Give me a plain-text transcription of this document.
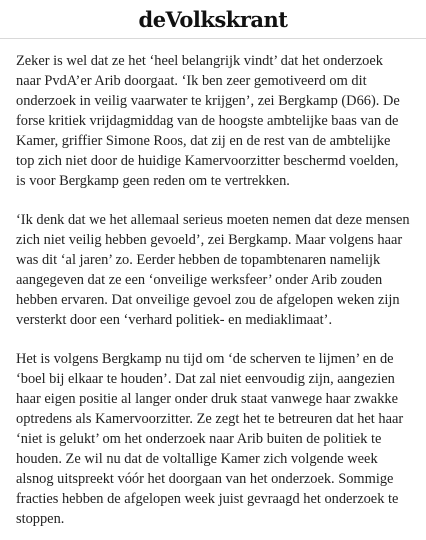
deVolkskrant

Zeker is wel dat ze het ‘heel belangrijk vindt’ dat het onderzoek naar PvdA’er Arib doorgaat. ‘Ik ben zeer gemotiveerd om dit onderzoek in veilig vaarwater te krijgen’, zei Bergkamp (D66). De forse kritiek vrijdagmiddag van de hoogste ambtelijke baas van de Kamer, griffier Simone Roos, dat zij en de rest van de ambtelijke top zich niet door de huidige Kamervoorzitter beschermd voelden, is voor Bergkamp geen reden om te vertrekken.

‘Ik denk dat we het allemaal serieus moeten nemen dat deze mensen zich niet veilig hebben gevoeld’, zei Bergkamp. Maar volgens haar was dit ‘al jaren’ zo. Eerder hebben de topambtenaren namelijk aangegeven dat ze een ‘onveilige werksfeer’ onder Arib zouden hebben ervaren. Dat onveilige gevoel zou de afgelopen weken zijn versterkt door een ‘verhard politiek- en mediaklimaat’.

Het is volgens Bergkamp nu tijd om ‘de scherven te lijmen’ en de ‘boel bij elkaar te houden’. Dat zal niet eenvoudig zijn, aangezien haar eigen positie al langer onder druk staat vanwege haar zwakke optredens als Kamervoorzitter. Ze zegt het te betreuren dat het haar ‘niet is gelukt’ om het onderzoek naar Arib buiten de politiek te houden. Ze wil nu dat de voltallige Kamer zich volgende week alsnog uitspreekt vóór het doorgaan van het onderzoek. Sommige fracties hebben de afgelopen week juist gevraagd het onderzoek te stoppen.
